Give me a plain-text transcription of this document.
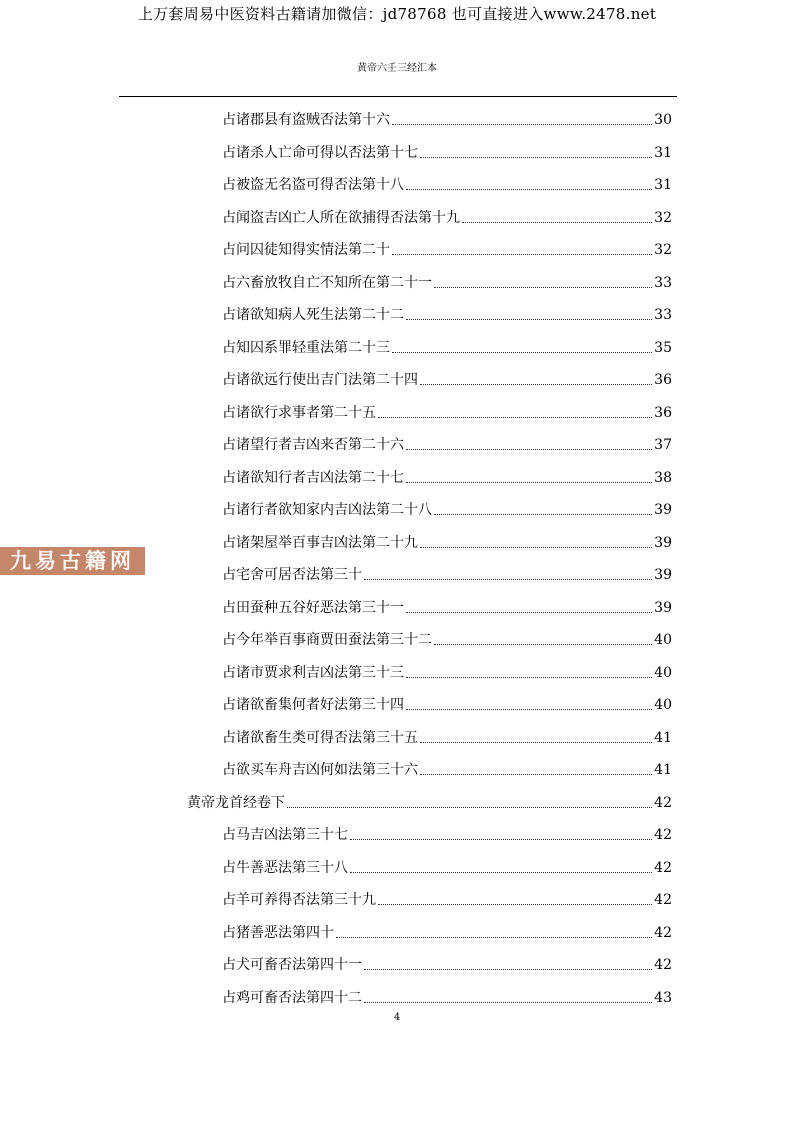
上万套周易中医资料古籍请加微信：jd78768 也可直接进入www.2478.net
黄帝六壬三经汇本
占诸郡县有盗贼否法第十六	30
占诸杀人亡命可得以否法第十七	31
占被盗无名盗可得否法第十八	31
占闻盗吉凶亡人所在欲捕得否法第十九	32
占问囚徒知得实情法第二十	32
占六畜放牧自亡不知所在第二十一	33
占诸欲知病人死生法第二十二	33
占知囚系罪轻重法第二十三	35
占诸欲远行使出吉门法第二十四	36
占诸欲行求事者第二十五	36
占诸望行者吉凶来否第二十六	37
占诸欲知行者吉凶法第二十七	38
占诸行者欲知家内吉凶法第二十八	39
占诸架屋举百事吉凶法第二十九	39
占宅舍可居否法第三十	39
占田蚕种五谷好恶法第三十一	39
占今年举百事商贾田蚕法第三十二	40
占诸市贾求利吉凶法第三十三	40
占诸欲畜集何者好法第三十四	40
占诸欲畜生类可得否法第三十五	41
占欲买车舟吉凶何如法第三十六	41
黄帝龙首经卷下	42
占马吉凶法第三十七	42
占牛善恶法第三十八	42
占羊可养得否法第三十九	42
占猪善恶法第四十	42
占犬可畜否法第四十一	42
占鸡可畜否法第四十二	43
九易古籍网
4
